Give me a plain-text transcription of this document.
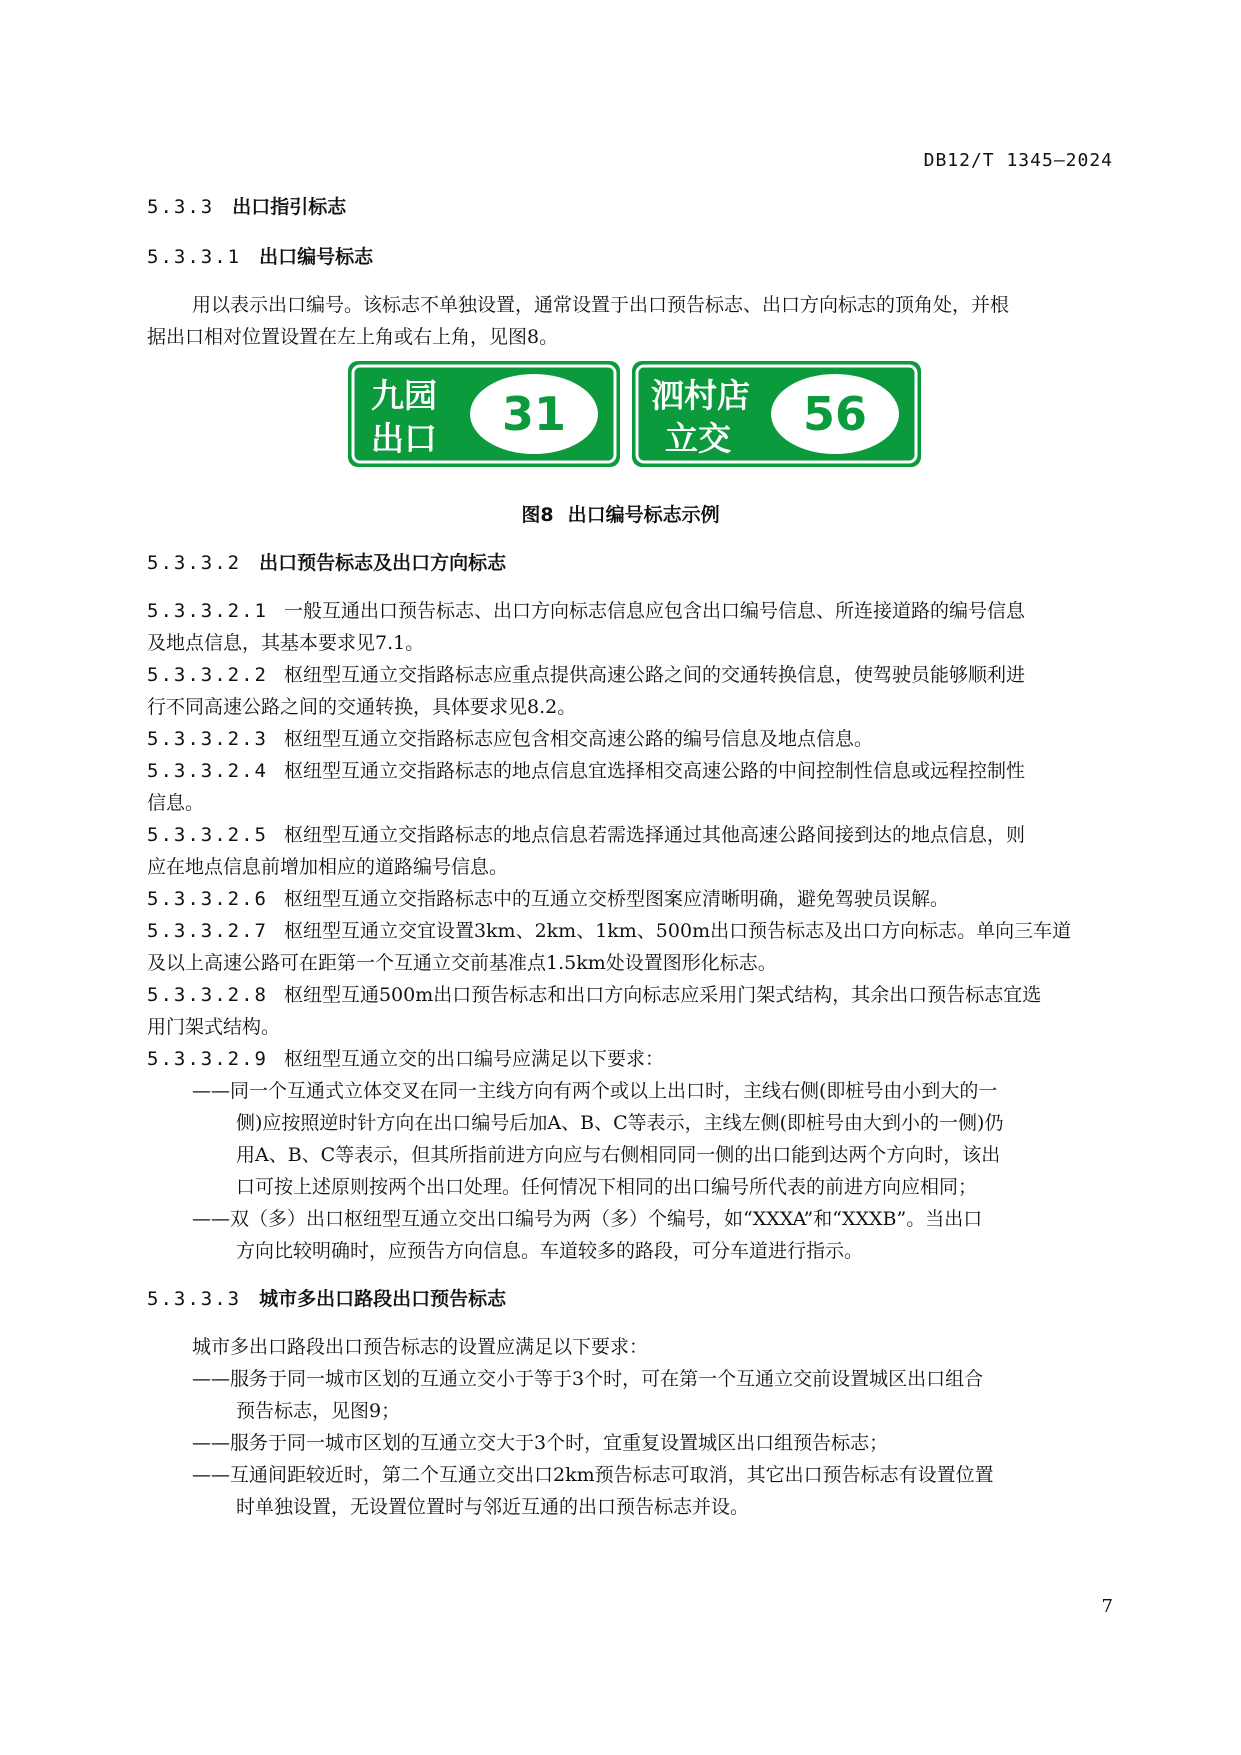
DB12/T 1345—2024
5.3.3 出口指引标志
5.3.3.1 出口编号标志
用以表示出口编号。该标志不单独设置，通常设置于出口预告标志、出口方向标志的顶角处，并根
据出口相对位置设置在左上角或右上角，见图8。
九园
出口 31	泗村店
立交 56
图8 出口编号标志示例
5.3.3.2 出口预告标志及出口方向标志
5.3.3.2.1 一般互通出口预告标志、出口方向标志信息应包含出口编号信息、所连接道路的编号信息
及地点信息，其基本要求见7.1。
5.3.3.2.2 枢纽型互通立交指路标志应重点提供高速公路之间的交通转换信息，使驾驶员能够顺利进
行不同高速公路之间的交通转换，具体要求见8.2。
5.3.3.2.3 枢纽型互通立交指路标志应包含相交高速公路的编号信息及地点信息。
5.3.3.2.4 枢纽型互通立交指路标志的地点信息宜选择相交高速公路的中间控制性信息或远程控制性
信息。
5.3.3.2.5 枢纽型互通立交指路标志的地点信息若需选择通过其他高速公路间接到达的地点信息，则
应在地点信息前增加相应的道路编号信息。
5.3.3.2.6 枢纽型互通立交指路标志中的互通立交桥型图案应清晰明确，避免驾驶员误解。
5.3.3.2.7 枢纽型互通立交宜设置3km、2km、1km、500m出口预告标志及出口方向标志。单向三车道
及以上高速公路可在距第一个互通立交前基准点1.5km处设置图形化标志。
5.3.3.2.8 枢纽型互通500m出口预告标志和出口方向标志应采用门架式结构，其余出口预告标志宜选
用门架式结构。
5.3.3.2.9 枢纽型互通立交的出口编号应满足以下要求：
——同一个互通式立体交叉在同一主线方向有两个或以上出口时，主线右侧(即桩号由小到大的一
侧)应按照逆时针方向在出口编号后加A、B、C等表示，主线左侧(即桩号由大到小的一侧)仍
用A、B、C等表示，但其所指前进方向应与右侧相同同一侧的出口能到达两个方向时，该出
口可按上述原则按两个出口处理。任何情况下相同的出口编号所代表的前进方向应相同；
——双（多）出口枢纽型互通立交出口编号为两（多）个编号，如“XXXA”和“XXXB”。当出口
方向比较明确时，应预告方向信息。车道较多的路段，可分车道进行指示。
5.3.3.3 城市多出口路段出口预告标志
城市多出口路段出口预告标志的设置应满足以下要求：
——服务于同一城市区划的互通立交小于等于3个时，可在第一个互通立交前设置城区出口组合
预告标志，见图9；
——服务于同一城市区划的互通立交大于3个时，宜重复设置城区出口组预告标志；
——互通间距较近时，第二个互通立交出口2km预告标志可取消，其它出口预告标志有设置位置
时单独设置，无设置位置时与邻近互通的出口预告标志并设。
7
